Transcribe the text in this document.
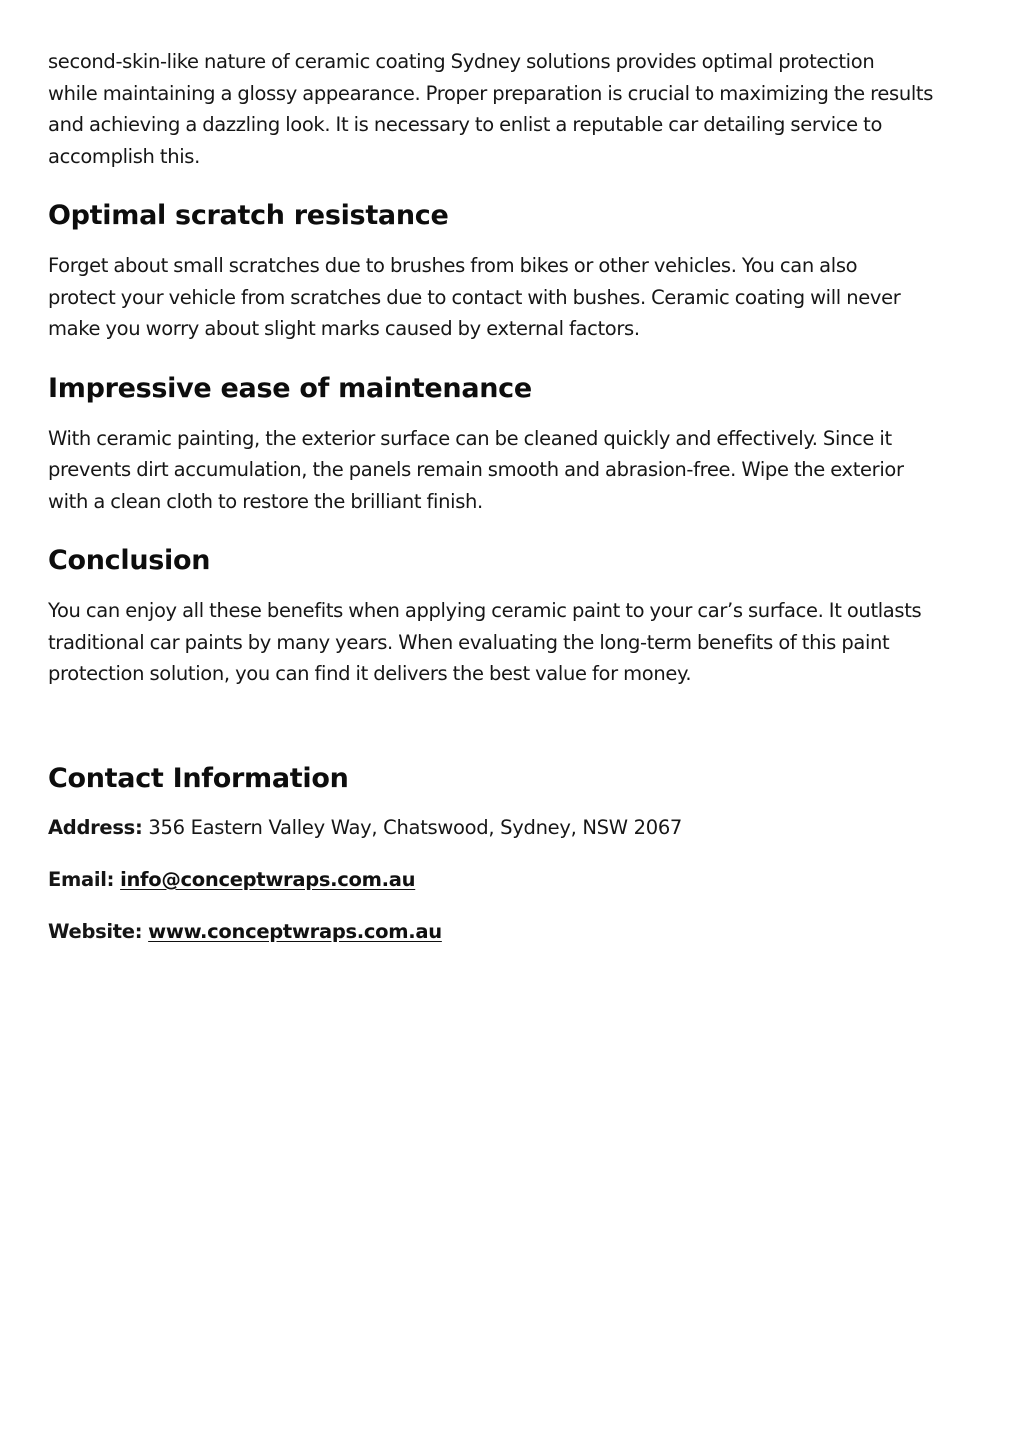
second-skin-like nature of ceramic coating Sydney solutions provides optimal protection
while maintaining a glossy appearance. Proper preparation is crucial to maximizing the results
and achieving a dazzling look. It is necessary to enlist a reputable car detailing service to
accomplish this.

Optimal scratch resistance

Forget about small scratches due to brushes from bikes or other vehicles. You can also
protect your vehicle from scratches due to contact with bushes. Ceramic coating will never
make you worry about slight marks caused by external factors.

Impressive ease of maintenance

With ceramic painting, the exterior surface can be cleaned quickly and effectively. Since it
prevents dirt accumulation, the panels remain smooth and abrasion-free. Wipe the exterior
with a clean cloth to restore the brilliant finish.

Conclusion

You can enjoy all these benefits when applying ceramic paint to your car’s surface. It outlasts
traditional car paints by many years. When evaluating the long-term benefits of this paint
protection solution, you can find it delivers the best value for money.

Contact Information

Address: 356 Eastern Valley Way, Chatswood, Sydney, NSW 2067

Email: info@conceptwraps.com.au

Website: www.conceptwraps.com.au
